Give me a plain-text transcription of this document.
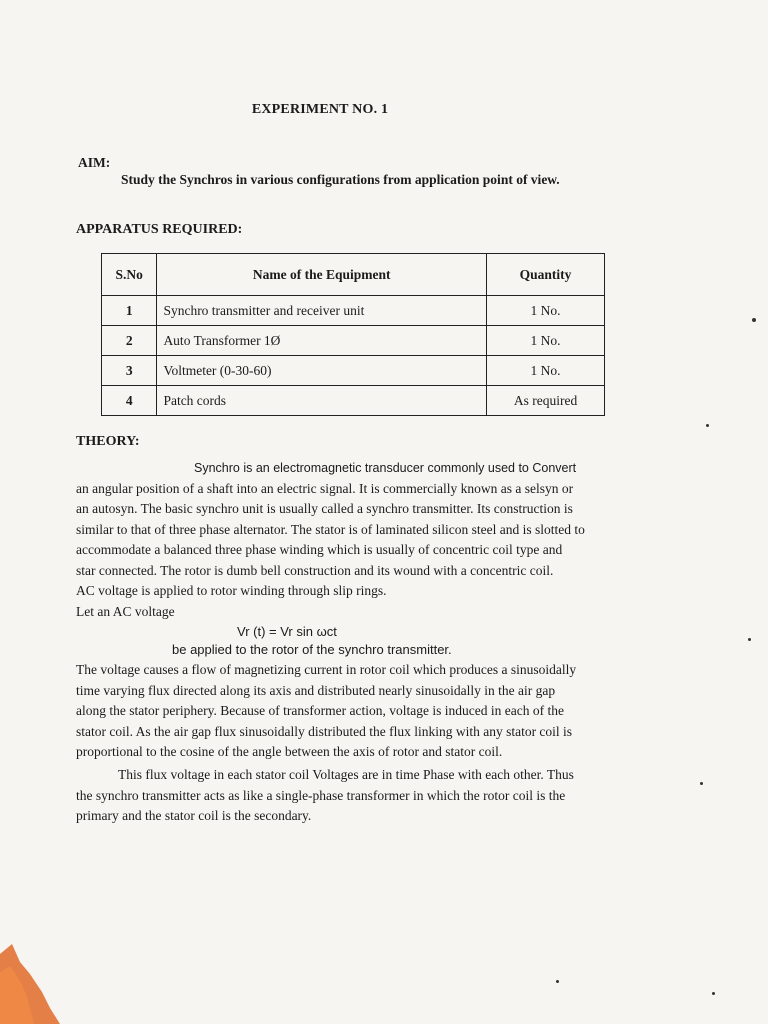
EXPERIMENT NO. 1
AIM:
Study the Synchros in various configurations from application point of view.
APPARATUS REQUIRED:
S.No	Name of the Equipment	Quantity
1	Synchro transmitter and receiver unit	1 No.
2	Auto Transformer 1Ø	1 No.
3	Voltmeter (0-30-60)	1 No.
4	Patch cords	As required
THEORY:
Synchro is an electromagnetic transducer commonly used to Convert
an angular position of a shaft into an electric signal. It is commercially known as a selsyn or
an autosyn. The basic synchro unit is usually called a synchro transmitter. Its construction is
similar to that of three phase alternator. The stator is of laminated silicon steel and is slotted to
accommodate a balanced three phase winding which is usually of concentric coil type and
star connected. The rotor is dumb bell construction and its wound with a concentric coil.
AC voltage is applied to rotor winding through slip rings.
Let an AC voltage
Vr (t) = Vr sin ωct
be applied to the rotor of the synchro transmitter.
The voltage causes a flow of magnetizing current in rotor coil which produces a sinusoidally
time varying flux directed along its axis and distributed nearly sinusoidally in the air gap
along the stator periphery. Because of transformer action, voltage is induced in each of the
stator coil. As the air gap flux sinusoidally distributed the flux linking with any stator coil is
proportional to the cosine of the angle between the axis of rotor and stator coil.
This flux voltage in each stator coil Voltages are in time Phase with each other. Thus
the synchro transmitter acts as like a single-phase transformer in which the rotor coil is the
primary and the stator coil is the secondary.
